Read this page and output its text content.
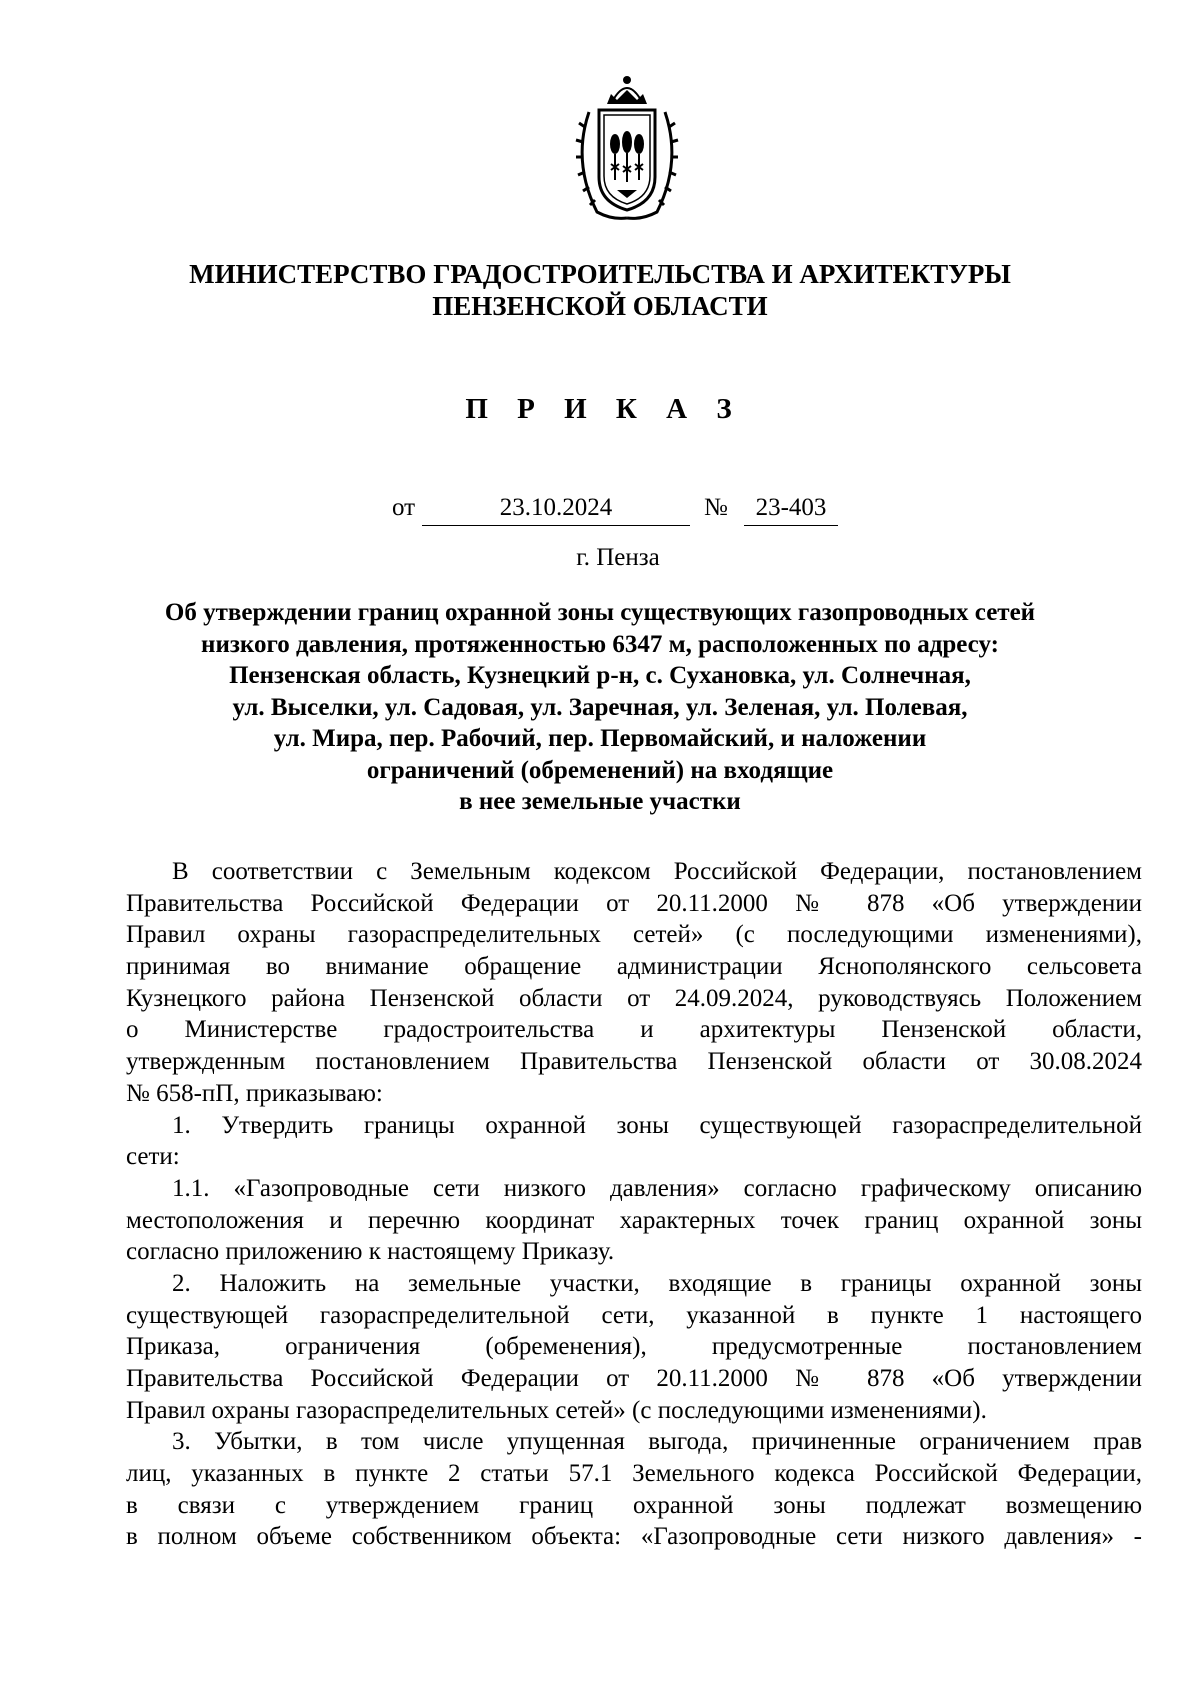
МИНИСТЕРСТВО ГРАДОСТРОИТЕЛЬСТВА И АРХИТЕКТУРЫ
ПЕНЗЕНСКОЙ ОБЛАСТИ
П Р И К А З
от	23.10.2024	№	23-403
г. Пенза
Об утверждении границ охранной зоны существующих газопроводных сетей
низкого давления, протяженностью 6347 м, расположенных по адресу:
Пензенская область, Кузнецкий р-н, с. Сухановка, ул. Солнечная,
ул. Выселки, ул. Садовая, ул. Заречная, ул. Зеленая, ул. Полевая,
ул. Мира, пер. Рабочий, пер. Первомайский, и наложении
ограничений (обременений) на входящие
в нее земельные участки
В соответствии с Земельным кодексом Российской Федерации, постановлением
Правительства Российской Федерации от 20.11.2000 № 878 «Об утверждении
Правил охраны газораспределительных сетей» (с последующими изменениями),
принимая во внимание обращение администрации Яснополянского сельсовета
Кузнецкого района Пензенской области от 24.09.2024, руководствуясь Положением
о Министерстве градостроительства и архитектуры Пензенской области,
утвержденным постановлением Правительства Пензенской области от 30.08.2024
№ 658-пП, приказываю:
1. Утвердить границы охранной зоны существующей газораспределительной
сети:
1.1. «Газопроводные сети низкого давления» согласно графическому описанию
местоположения и перечню координат характерных точек границ охранной зоны
согласно приложению к настоящему Приказу.
2. Наложить на земельные участки, входящие в границы охранной зоны
существующей газораспределительной сети, указанной в пункте 1 настоящего
Приказа, ограничения (обременения), предусмотренные постановлением
Правительства Российской Федерации от 20.11.2000 № 878 «Об утверждении
Правил охраны газораспределительных сетей» (с последующими изменениями).
3. Убытки, в том числе упущенная выгода, причиненные ограничением прав
лиц, указанных в пункте 2 статьи 57.1 Земельного кодекса Российской Федерации,
в связи с утверждением границ охранной зоны подлежат возмещению
в полном объеме собственником объекта: «Газопроводные сети низкого давления» -
